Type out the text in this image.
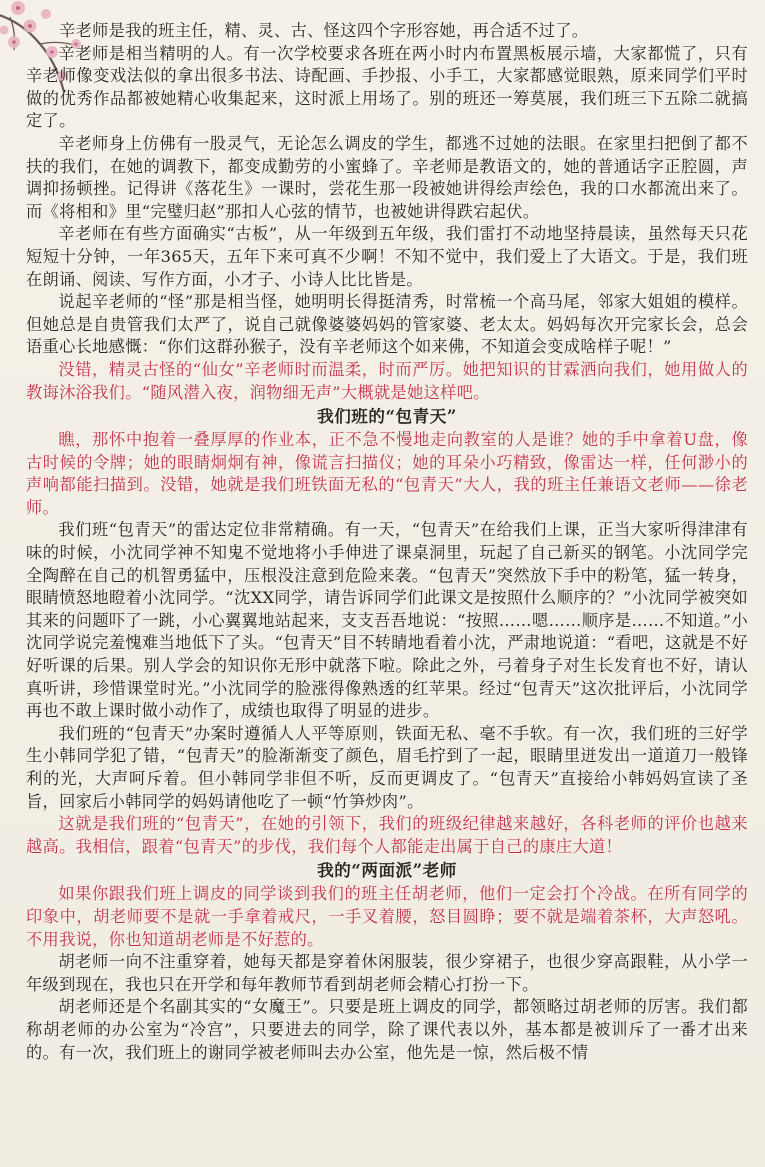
　　辛老师是我的班主任，精、灵、古、怪这四个字形容她，再合适不过了。

辛老师是相当精明的人。有一次学校要求各班在两小时内布置黑板展示墙，大家都慌了，只有辛老师像变戏法似的拿出很多书法、诗配画、手抄报、小手工，大家都感觉眼熟，原来同学们平时做的优秀作品都被她精心收集起来，这时派上用场了。别的班还一筹莫展，我们班三下五除二就搞定了。

辛老师身上仿佛有一股灵气，无论怎么调皮的学生，都逃不过她的法眼。在家里扫把倒了都不扶的我们，在她的调教下，都变成勤劳的小蜜蜂了。辛老师是教语文的，她的普通话字正腔圆，声调抑扬顿挫。记得讲《落花生》一课时，尝花生那一段被她讲得绘声绘色，我的口水都流出来了。而《将相和》里“完璧归赵”那扣人心弦的情节，也被她讲得跌宕起伏。

辛老师在有些方面确实“古板”，从一年级到五年级，我们雷打不动地坚持晨读，虽然每天只花短短十分钟，一年365天，五年下来可真不少啊！不知不觉中，我们爱上了大语文。于是，我们班在朗诵、阅读、写作方面，小才子、小诗人比比皆是。

说起辛老师的“怪”那是相当怪，她明明长得挺清秀，时常梳一个高马尾，邻家大姐姐的模样。但她总是自贵管我们太严了，说自己就像婆婆妈妈的管家婆、老太太。妈妈每次开完家长会，总会语重心长地感慨：“你们这群孙猴子，没有辛老师这个如来佛，不知道会变成啥样子呢！”

没错，精灵古怪的“仙女”辛老师时而温柔，时而严厉。她把知识的甘霖洒向我们，她用做人的教诲沐浴我们。“随风潜入夜，润物细无声”大概就是她这样吧。

我们班的“包青天”

瞧，那怀中抱着一叠厚厚的作业本，正不急不慢地走向教室的人是谁？她的手中拿着U盘，像古时候的令牌；她的眼睛炯炯有神，像谎言扫描仪；她的耳朵小巧精致，像雷达一样，任何渺小的声响都能扫描到。没错，她就是我们班铁面无私的“包青天”大人，我的班主任兼语文老师——徐老师。

我们班“包青天”的雷达定位非常精确。有一天，“包青天”在给我们上课，正当大家听得津津有味的时候，小沈同学神不知鬼不觉地将小手伸进了课桌洞里，玩起了自己新买的钢笔。小沈同学完全陶醉在自己的机智勇猛中，压根没注意到危险来袭。“包青天”突然放下手中的粉笔，猛一转身，眼睛愤怒地瞪着小沈同学。“沈XX同学，请告诉同学们此课文是按照什么顺序的？”小沈同学被突如其来的问题吓了一跳，小心翼翼地站起来，支支吾吾地说：“按照……嗯……顺序是……不知道。”小沈同学说完羞愧难当地低下了头。“包青天”目不转睛地看着小沈，严肃地说道：“看吧，这就是不好好听课的后果。别人学会的知识你无形中就落下啦。除此之外，弓着身子对生长发育也不好，请认真听讲，珍惜课堂时光。”小沈同学的脸涨得像熟透的红苹果。经过“包青天”这次批评后，小沈同学再也不敢上课时做小动作了，成绩也取得了明显的进步。

我们班的“包青天”办案时遵循人人平等原则，铁面无私、毫不手软。有一次，我们班的三好学生小韩同学犯了错，“包青天”的脸渐渐变了颜色，眉毛拧到了一起，眼睛里迸发出一道道刀一般锋利的光，大声呵斥着。但小韩同学非但不听，反而更调皮了。“包青天”直接给小韩妈妈宣读了圣旨，回家后小韩同学的妈妈请他吃了一顿“竹笋炒肉”。

这就是我们班的“包青天”，在她的引领下，我们的班级纪律越来越好，各科老师的评价也越来越高。我相信，跟着“包青天”的步伐，我们每个人都能走出属于自己的康庄大道！

我的“两面派”老师

如果你跟我们班上调皮的同学谈到我们的班主任胡老师，他们一定会打个冷战。在所有同学的印象中，胡老师要不是就一手拿着戒尺，一手叉着腰，怒目圆睁；要不就是端着茶杯，大声怒吼。不用我说，你也知道胡老师是不好惹的。

胡老师一向不注重穿着，她每天都是穿着休闲服装，很少穿裙子，也很少穿高跟鞋，从小学一年级到现在，我也只在开学和每年教师节看到胡老师会精心打扮一下。

胡老师还是个名副其实的“女魔王”。只要是班上调皮的同学，都领略过胡老师的厉害。我们都称胡老师的办公室为“冷宫”，只要进去的同学，除了课代表以外，基本都是被训斥了一番才出来的。有一次，我们班上的谢同学被老师叫去办公室，他先是一惊，然后极不情
